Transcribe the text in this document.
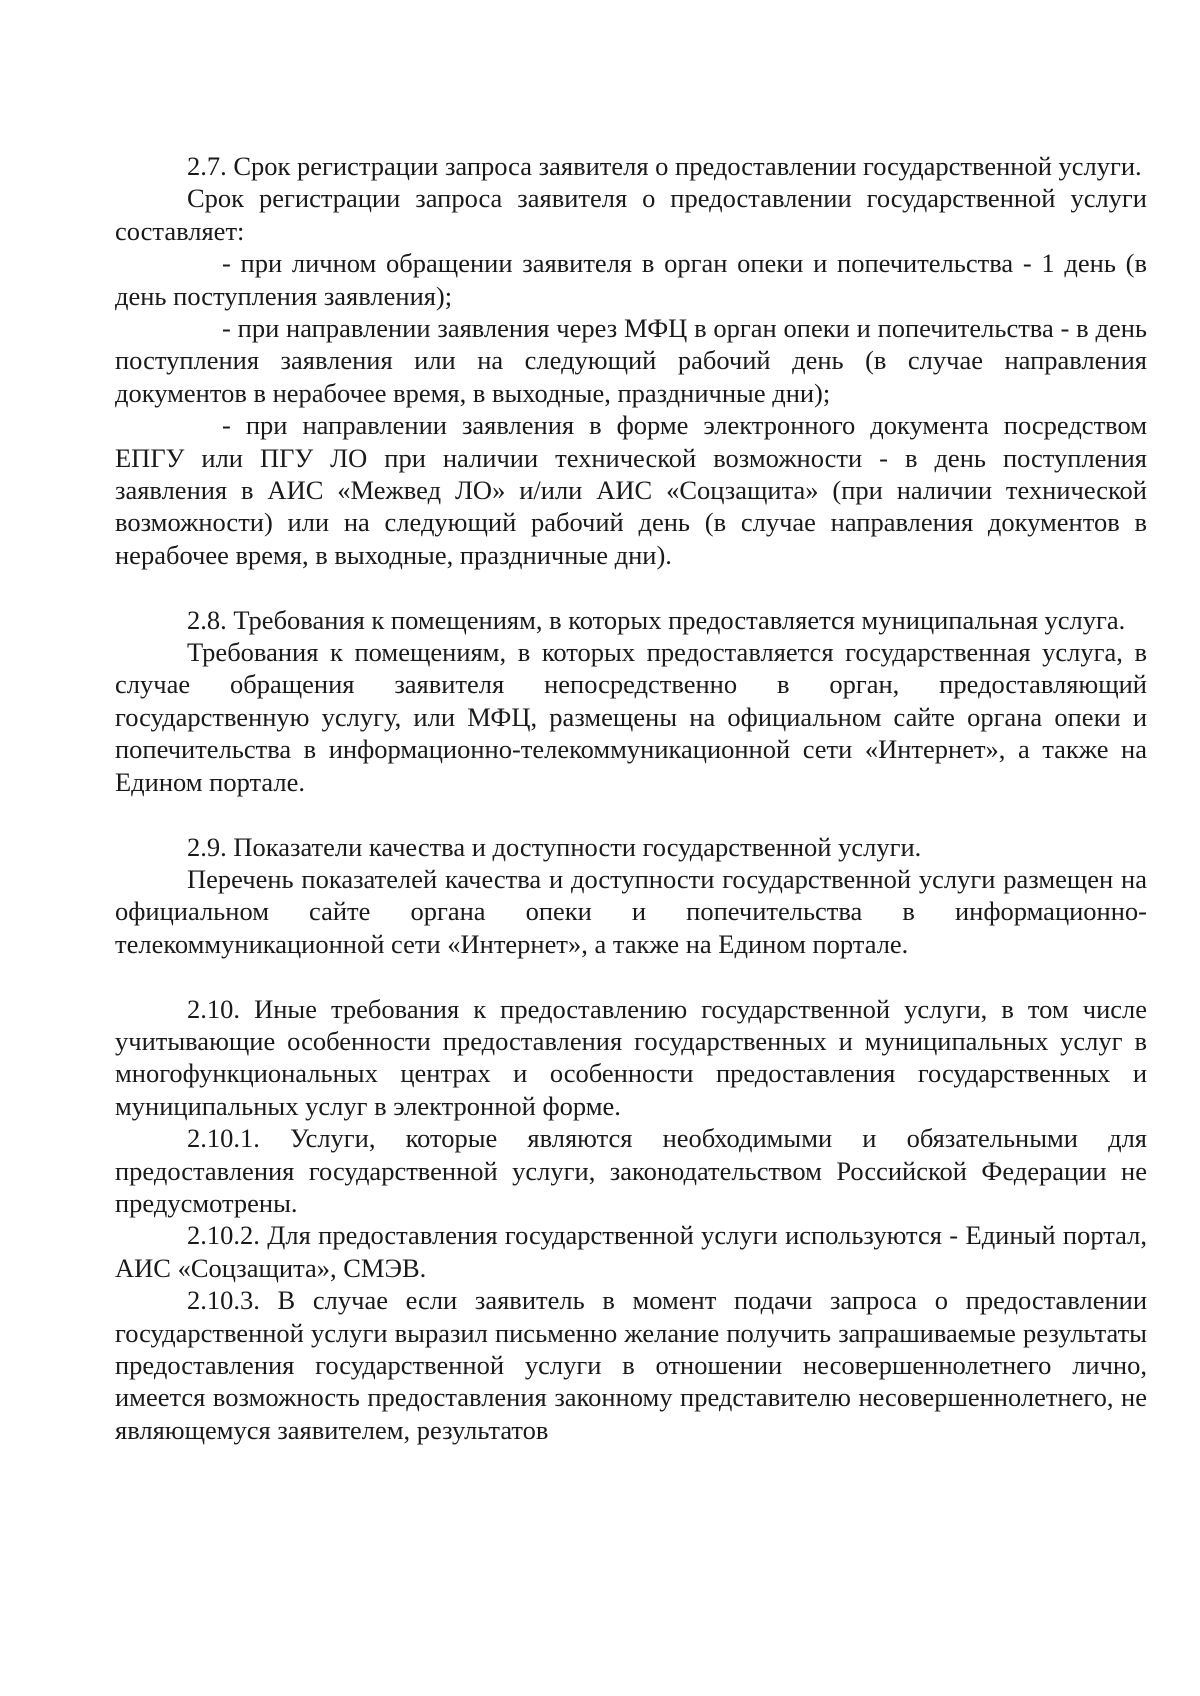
2.7. Срок регистрации запроса заявителя о предоставлении государственной услуги.

Срок регистрации запроса заявителя о предоставлении государственной услуги составляет:

- при личном обращении заявителя в орган опеки и попечительства - 1 день (в день поступления заявления);

- при направлении заявления через МФЦ в орган опеки и попечительства - в день поступления заявления или на следующий рабочий день (в случае направления документов в нерабочее время, в выходные, праздничные дни);

- при направлении заявления в форме электронного документа посредством ЕПГУ или ПГУ ЛО при наличии технической возможности - в день поступления заявления в АИС «Межвед ЛО» и/или АИС «Соцзащита» (при наличии технической возможности) или на следующий рабочий день (в случае направления документов в нерабочее время, в выходные, праздничные дни).

2.8. Требования к помещениям, в которых предоставляется муниципальная услуга.

Требования к помещениям, в которых предоставляется государственная услуга, в случае обращения заявителя непосредственно в орган, предоставляющий государственную услугу, или МФЦ, размещены на официальном сайте органа опеки и попечительства в информационно-телекоммуникационной сети «Интернет», а также на Едином портале.

2.9. Показатели качества и доступности государственной услуги.

Перечень показателей качества и доступности государственной услуги размещен на официальном сайте органа опеки и попечительства в информационно-телекоммуникационной сети «Интернет», а также на Едином портале.

2.10. Иные требования к предоставлению государственной услуги, в том числе учитывающие особенности предоставления государственных и муниципальных услуг в многофункциональных центрах и особенности предоставления государственных и муниципальных услуг в электронной форме.

2.10.1. Услуги, которые являются необходимыми и обязательными для предоставления государственной услуги, законодательством Российской Федерации не предусмотрены.

2.10.2. Для предоставления государственной услуги используются - Единый портал, АИС «Соцзащита», СМЭВ.

2.10.3. В случае если заявитель в момент подачи запроса о предоставлении государственной услуги выразил письменно желание получить запрашиваемые результаты предоставления государственной услуги в отношении несовершеннолетнего лично, имеется возможность предоставления законному представителю несовершеннолетнего, не являющемуся заявителем, результатов
